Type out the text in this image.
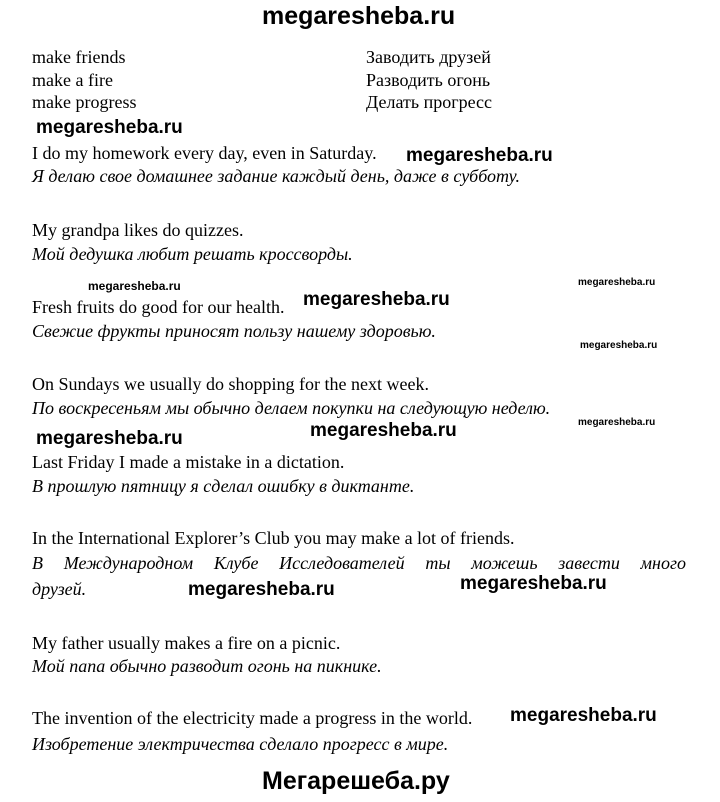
megaresheba.ru
make friends	Заводить друзей
make a fire	Разводить огонь
make progress	Делать прогресс
I do my homework every day, even in Saturday.
Я делаю свое домашнее задание каждый день, даже в субботу.
My grandpa likes do quizzes.
Мой дедушка любит решать кроссворды.
Fresh fruits do good for our health.
Свежие фрукты приносят пользу нашему здоровью.
On Sundays we usually do shopping for the next week.
По воскресеньям мы обычно делаем покупки на следующую неделю.
Last Friday I made a mistake in a dictation.
В прошлую пятницу я сделал ошибку в диктанте.
In the International Explorer’s Club you may make a lot of friends.
В Международном Клубе Исследователей ты можешь завести много
друзей.
My father usually makes a fire on a picnic.
Мой папа обычно разводит огонь на пикнике.
The invention of the electricity made a progress in the world.
Изобретение электричества сделало прогресс в мире.
megaresheba.ru
megaresheba.ru
megaresheba.ru	megaresheba.ru
megaresheba.ru
megaresheba.ru
megaresheba.ru
megaresheba.ru	megaresheba.ru
megaresheba.ru	megaresheba.ru
megaresheba.ru
Мегарешеба.ру
